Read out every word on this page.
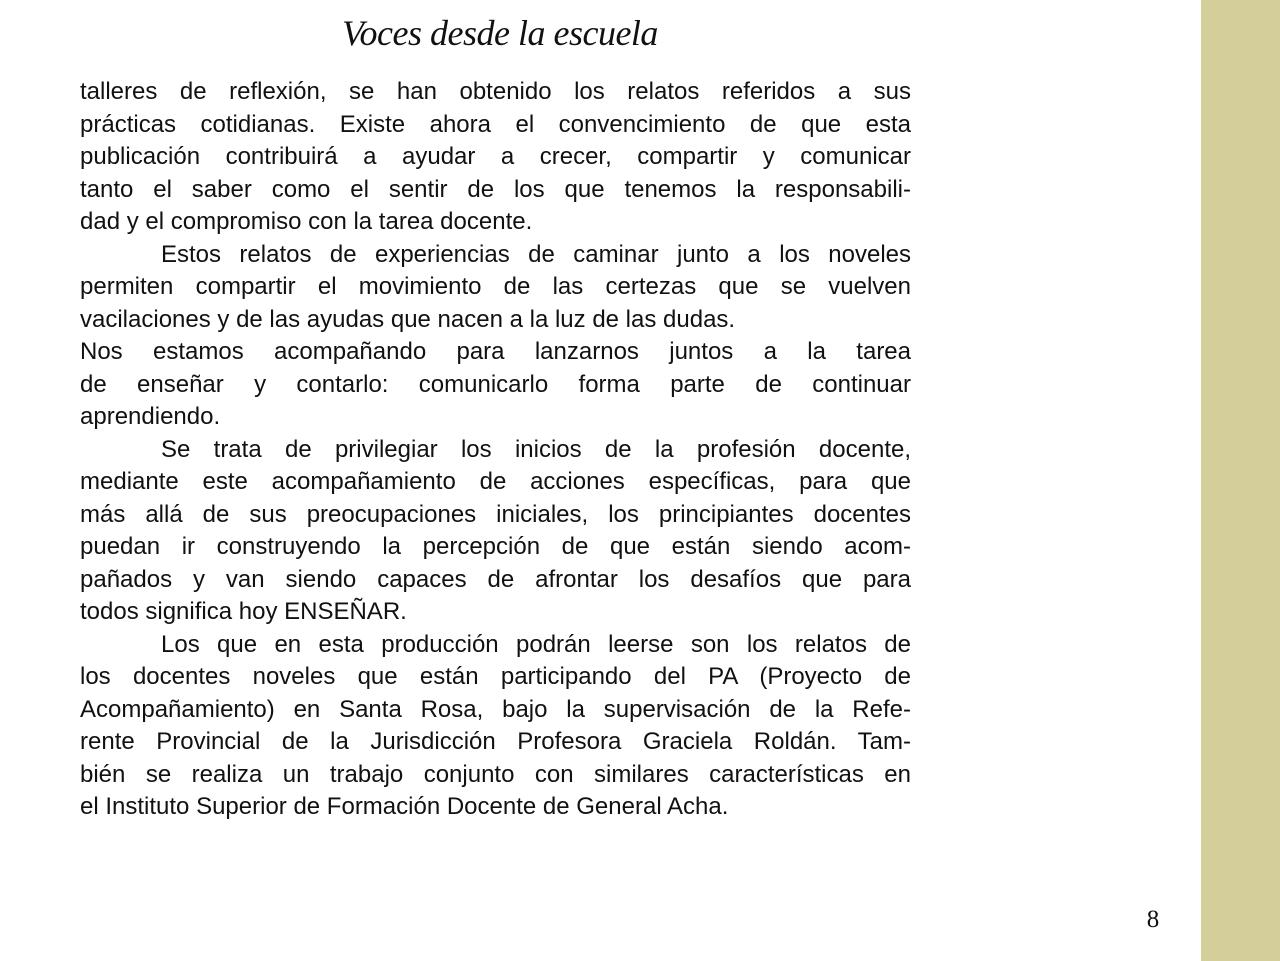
Voces desde la escuela
talleres de reflexión, se han obtenido los relatos referidos a sus
prácticas cotidianas. Existe ahora el convencimiento de que esta
publicación contribuirá a ayudar a crecer, compartir y comunicar
tanto el saber como el sentir de los que tenemos la responsabili-
dad y el compromiso con la tarea docente.
Estos relatos de experiencias de caminar junto a los noveles
permiten compartir el movimiento de las certezas que se vuelven
vacilaciones y de las ayudas que nacen a la luz de las dudas.
Nos estamos acompañando para lanzarnos juntos a la tarea
de enseñar y contarlo: comunicarlo forma parte de continuar
aprendiendo.
Se trata de privilegiar los inicios de la profesión docente,
mediante este acompañamiento de acciones específicas, para que
más allá de sus preocupaciones iniciales, los principiantes docentes
puedan ir construyendo la percepción de que están siendo acom-
pañados y van siendo capaces de afrontar los desafíos que para
todos significa hoy ENSEÑAR.
Los que en esta producción podrán leerse son los relatos de
los docentes noveles que están participando del PA (Proyecto de
Acompañamiento) en Santa Rosa, bajo la supervisación de la Refe-
rente Provincial de la Jurisdicción Profesora Graciela Roldán. Tam-
bién se realiza un trabajo conjunto con similares características en
el Instituto Superior de Formación Docente de General Acha.
8
